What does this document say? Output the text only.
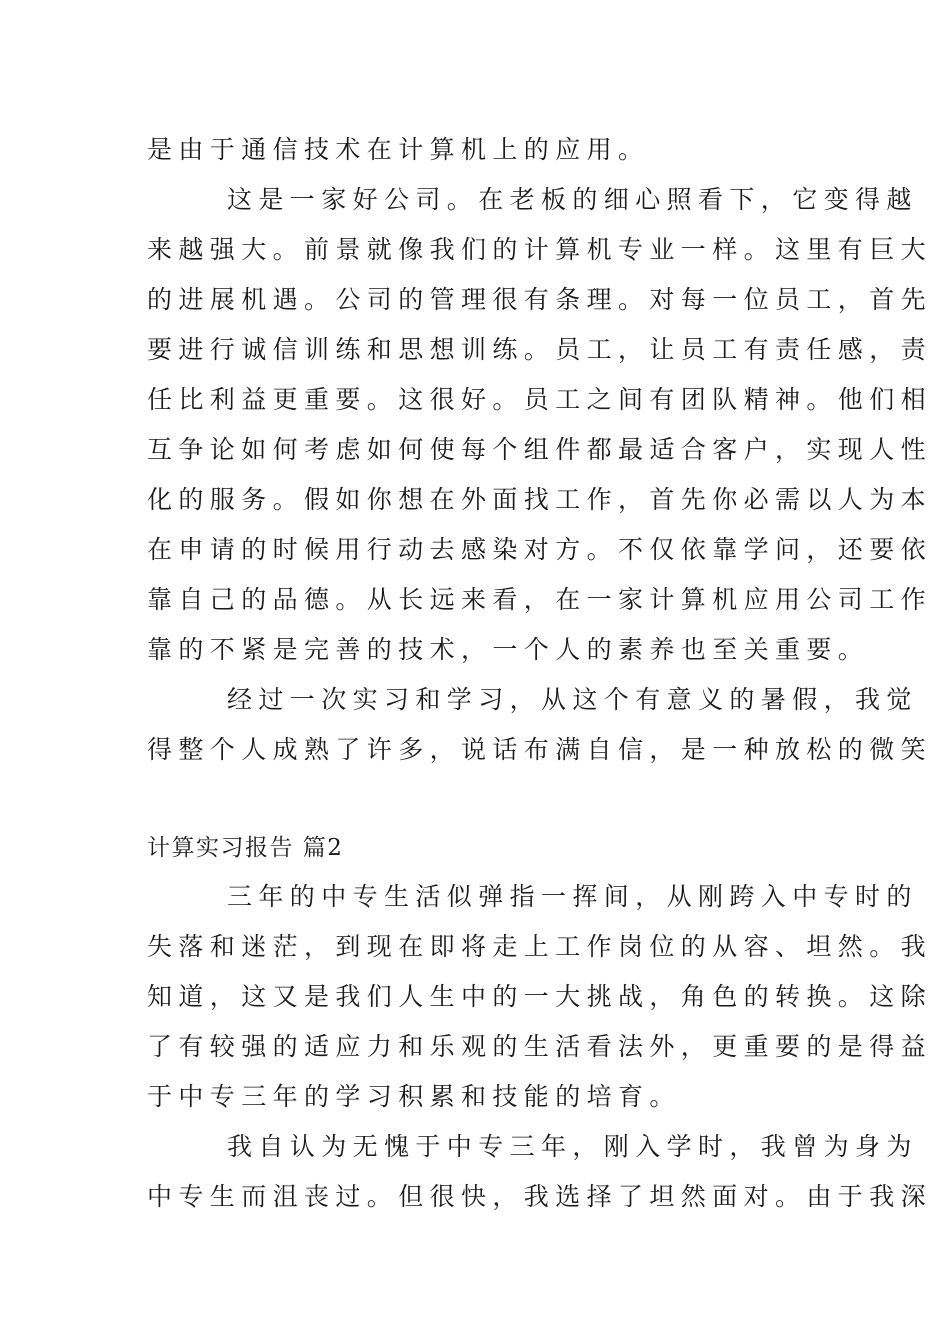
是由于通信技术在计算机上的应用。
这是一家好公司。在老板的细心照看下，它变得越
来越强大。前景就像我们的计算机专业一样。这里有巨大
的进展机遇。公司的管理很有条理。对每一位员工，首先
要进行诚信训练和思想训练。员工，让员工有责任感，责
任比利益更重要。这很好。员工之间有团队精神。他们相
互争论如何考虑如何使每个组件都最适合客户，实现人性
化的服务。假如你想在外面找工作，首先你必需以人为本
在申请的时候用行动去感染对方。不仅依靠学问，还要依
靠自己的品德。从长远来看，在一家计算机应用公司工作
靠的不紧是完善的技术，一个人的素养也至关重要。
经过一次实习和学习，从这个有意义的暑假，我觉
得整个人成熟了许多，说话布满自信，是一种放松的微笑
计算实习报告 篇2
三年的中专生活似弹指一挥间，从刚跨入中专时的
失落和迷茫，到现在即将走上工作岗位的从容、坦然。我
知道，这又是我们人生中的一大挑战，角色的转换。这除
了有较强的适应力和乐观的生活看法外，更重要的是得益
于中专三年的学习积累和技能的培育。
我自认为无愧于中专三年，刚入学时，我曾为身为
中专生而沮丧过。但很快，我选择了坦然面对。由于我深
